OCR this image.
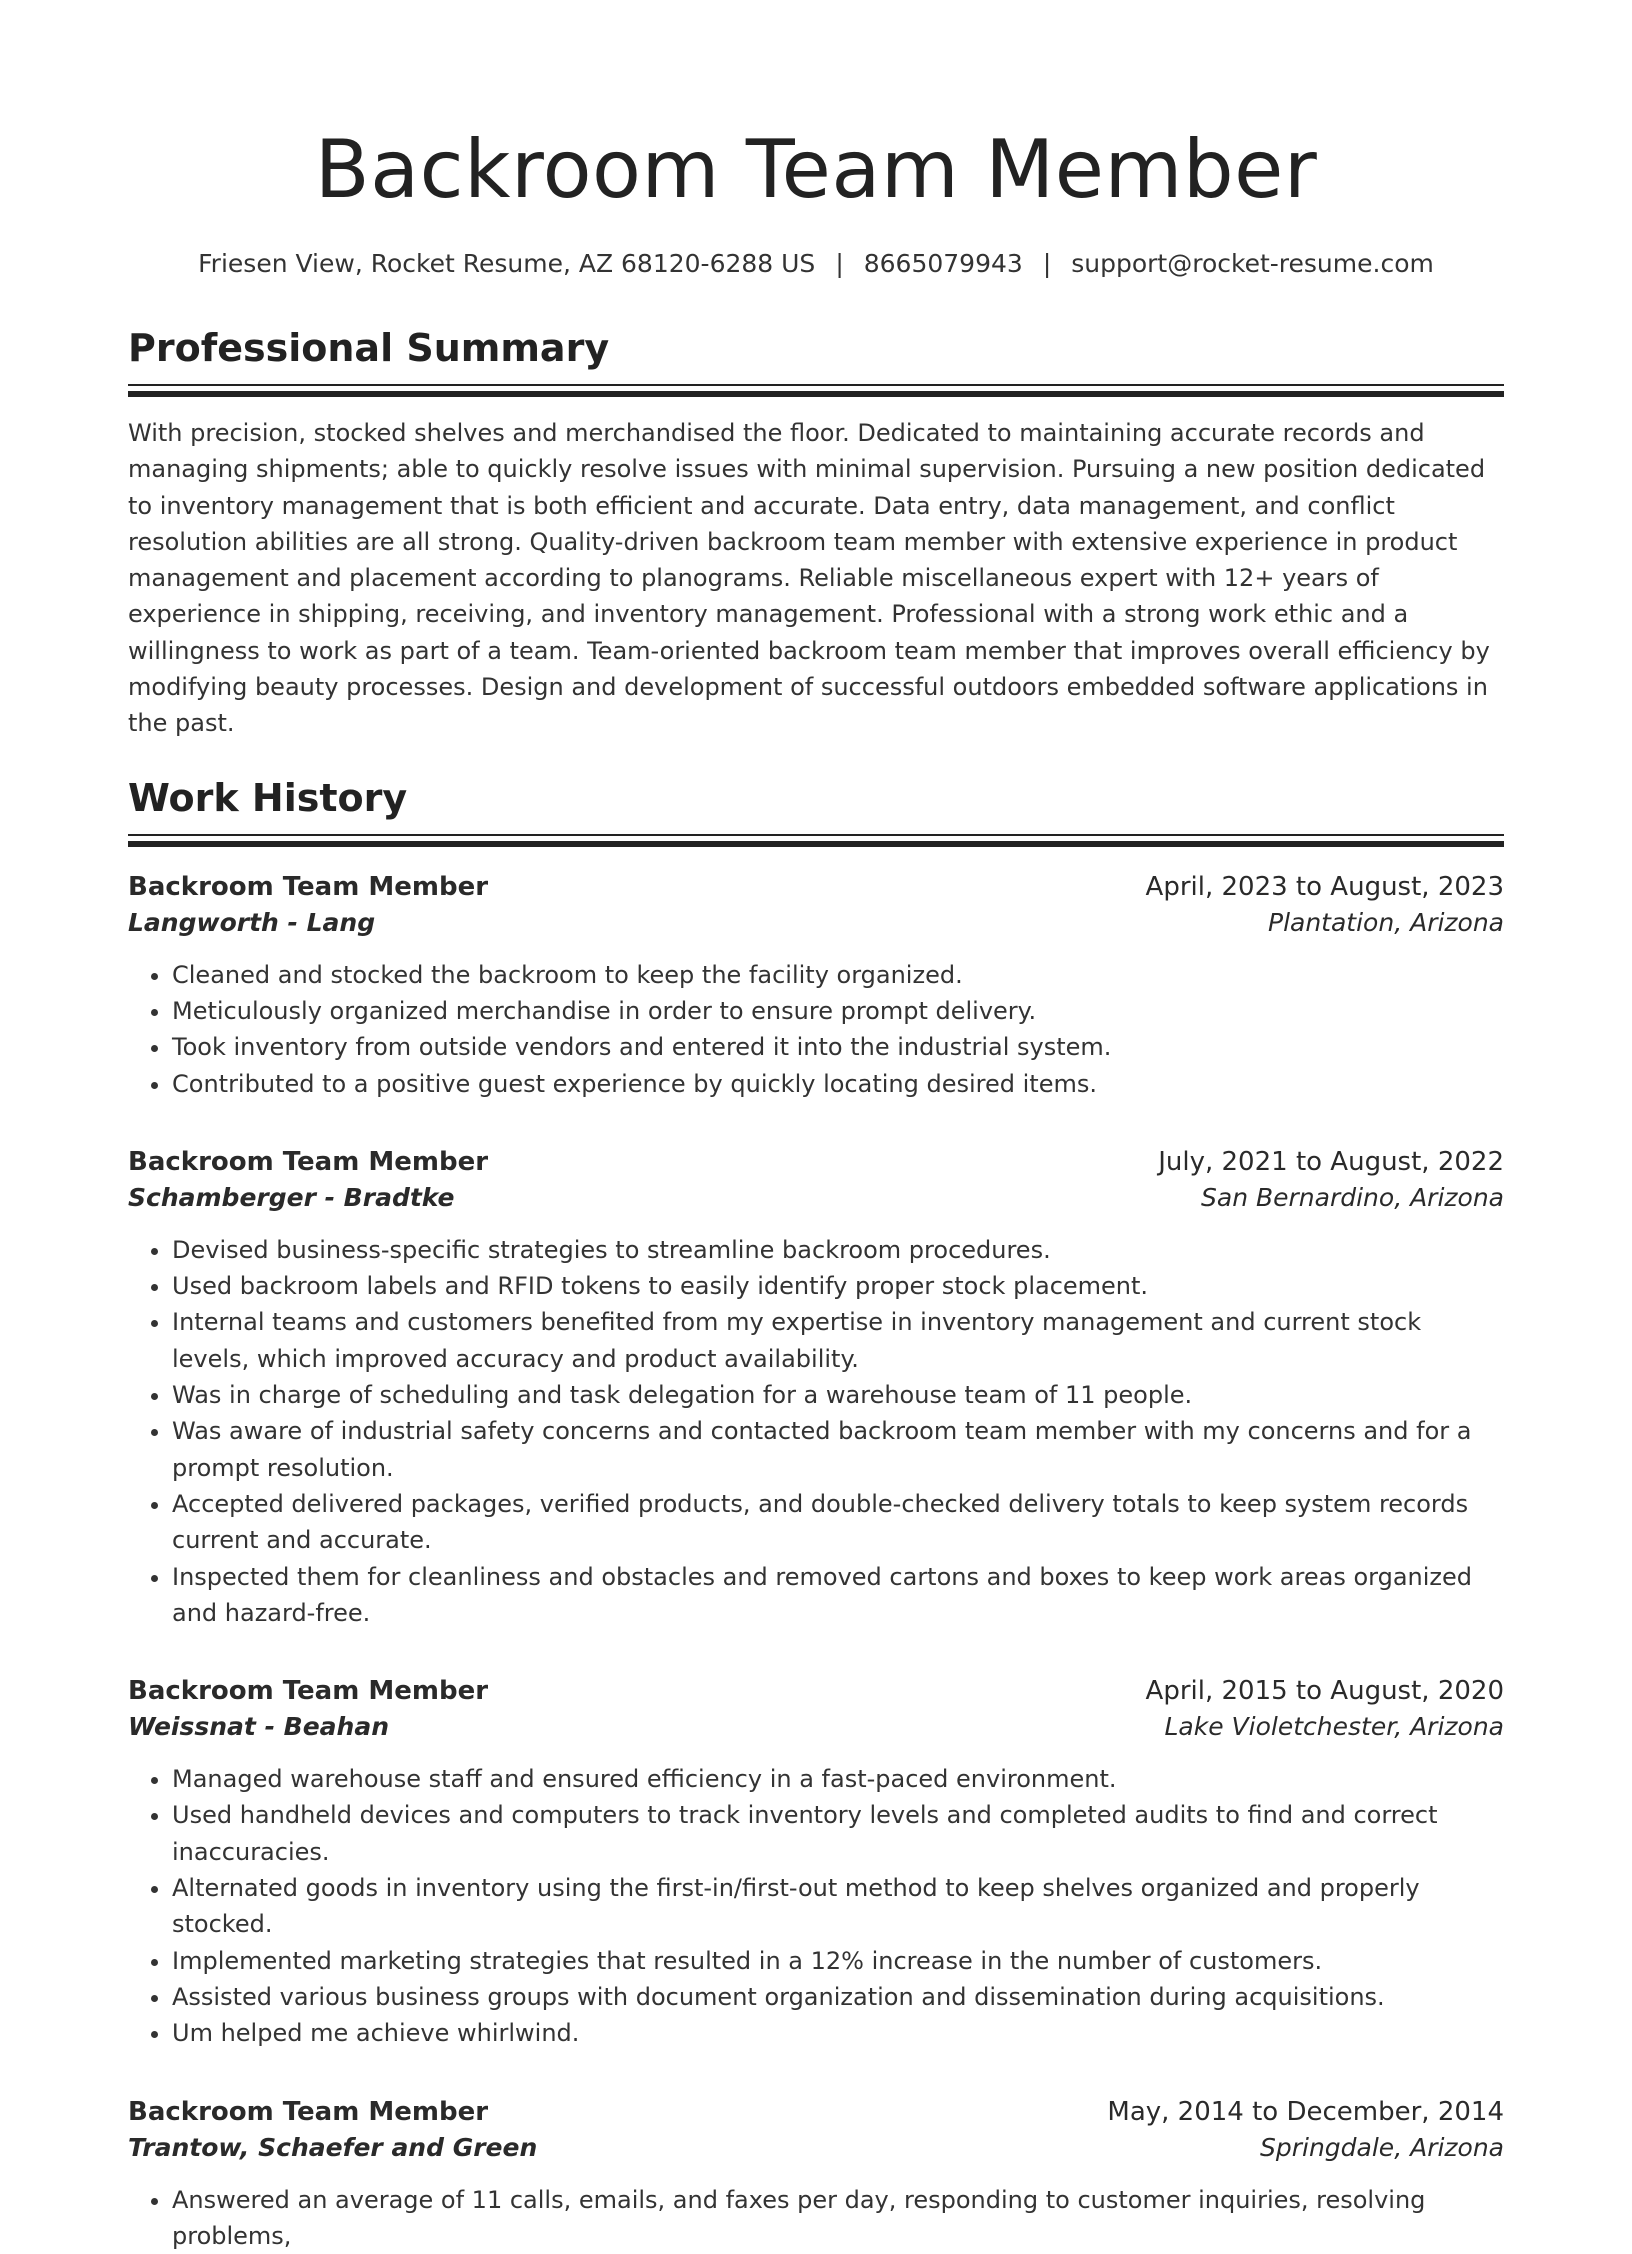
Backroom Team Member
Friesen View, Rocket Resume, AZ 68120-6288 US | 8665079943 | support@rocket-resume.com
Professional Summary

With precision, stocked shelves and merchandised the floor. Dedicated to maintaining accurate records and managing shipments; able to quickly resolve issues with minimal supervision. Pursuing a new position dedicated to inventory management that is both efficient and accurate. Data entry, data management, and conflict resolution abilities are all strong. Quality-driven backroom team member with extensive experience in product management and placement according to planograms. Reliable miscellaneous expert with 12+ years of experience in shipping, receiving, and inventory management. Professional with a strong work ethic and a willingness to work as part of a team. Team-oriented backroom team member that improves overall efficiency by modifying beauty processes. Design and development of successful outdoors embedded software applications in the past.

Work History
Backroom Team Member	April, 2023 to August, 2023
Langworth - Lang	Plantation, Arizona
• Cleaned and stocked the backroom to keep the facility organized.
• Meticulously organized merchandise in order to ensure prompt delivery.
• Took inventory from outside vendors and entered it into the industrial system.
• Contributed to a positive guest experience by quickly locating desired items.
Backroom Team Member	July, 2021 to August, 2022
Schamberger - Bradtke	San Bernardino, Arizona
• Devised business-specific strategies to streamline backroom procedures.
• Used backroom labels and RFID tokens to easily identify proper stock placement.
• Internal teams and customers benefited from my expertise in inventory management and current stock levels, which improved accuracy and product availability.
• Was in charge of scheduling and task delegation for a warehouse team of 11 people.
• Was aware of industrial safety concerns and contacted backroom team member with my concerns and for a prompt resolution.
• Accepted delivered packages, verified products, and double-checked delivery totals to keep system records current and accurate.
• Inspected them for cleanliness and obstacles and removed cartons and boxes to keep work areas organized and hazard-free.
Backroom Team Member	April, 2015 to August, 2020
Weissnat - Beahan	Lake Violetchester, Arizona
• Managed warehouse staff and ensured efficiency in a fast-paced environment.
• Used handheld devices and computers to track inventory levels and completed audits to find and correct inaccuracies.
• Alternated goods in inventory using the first-in/first-out method to keep shelves organized and properly stocked.
• Implemented marketing strategies that resulted in a 12% increase in the number of customers.
• Assisted various business groups with document organization and dissemination during acquisitions.
• Um helped me achieve whirlwind.
Backroom Team Member	May, 2014 to December, 2014
Trantow, Schaefer and Green	Springdale, Arizona
• Answered an average of 11 calls, emails, and faxes per day, responding to customer inquiries, resolving problems,
